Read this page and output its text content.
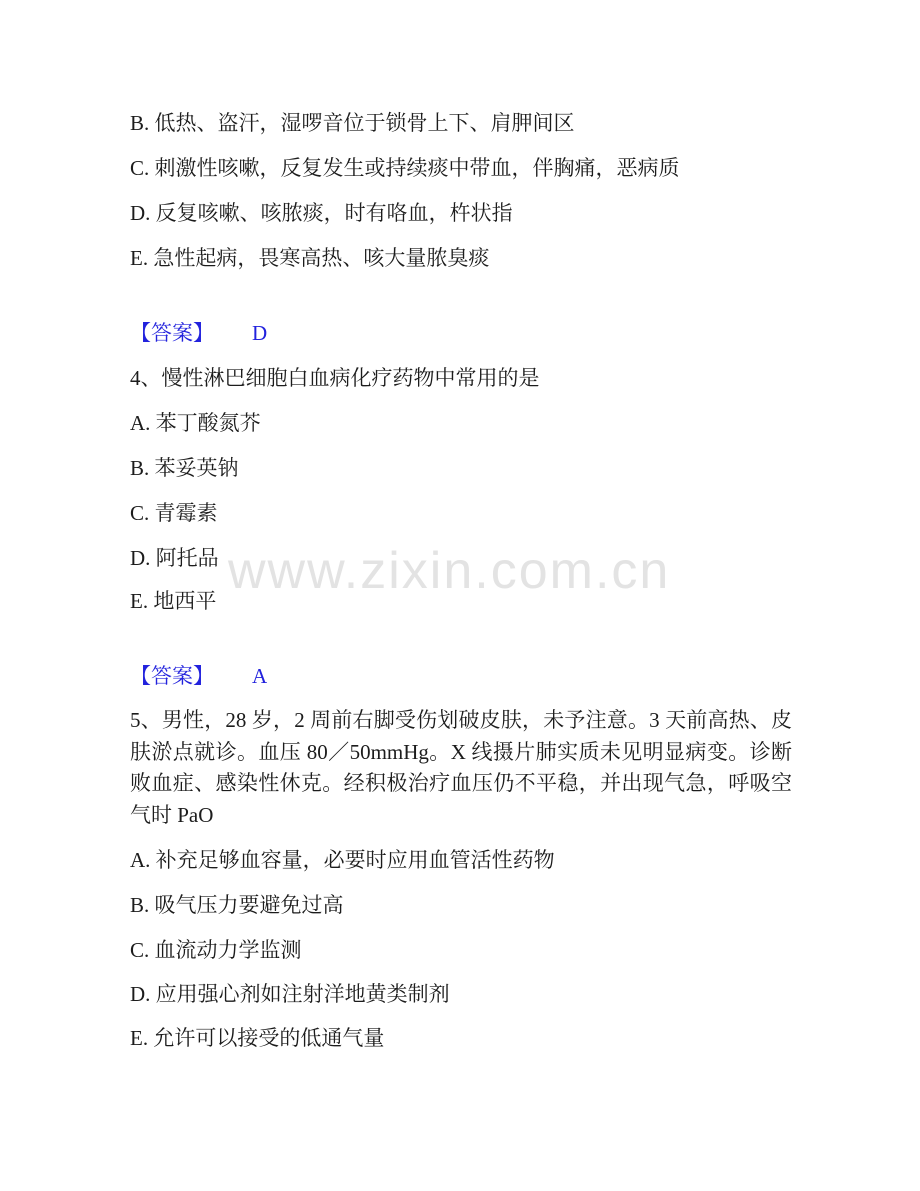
www.zixin.com.cn
B. 低热、盗汗，湿啰音位于锁骨上下、肩胛间区
C. 刺激性咳嗽，反复发生或持续痰中带血，伴胸痛，恶病质
D. 反复咳嗽、咳脓痰，时有咯血，杵状指
E. 急性起病，畏寒高热、咳大量脓臭痰
【答案】 D
4、慢性淋巴细胞白血病化疗药物中常用的是
A. 苯丁酸氮芥
B. 苯妥英钠
C. 青霉素
D. 阿托品
E. 地西平
【答案】 A

5、男性，28 岁，2 周前右脚受伤划破皮肤，未予注意。3 天前高热、皮肤淤点就诊。血压 80／50mmHg。X 线摄片肺实质未见明显病变。诊断败血症、感染性休克。经积极治疗血压仍不平稳，并出现气急，呼吸空气时 PaO

A. 补充足够血容量，必要时应用血管活性药物
B. 吸气压力要避免过高
C. 血流动力学监测
D. 应用强心剂如注射洋地黄类制剂
E. 允许可以接受的低通气量
